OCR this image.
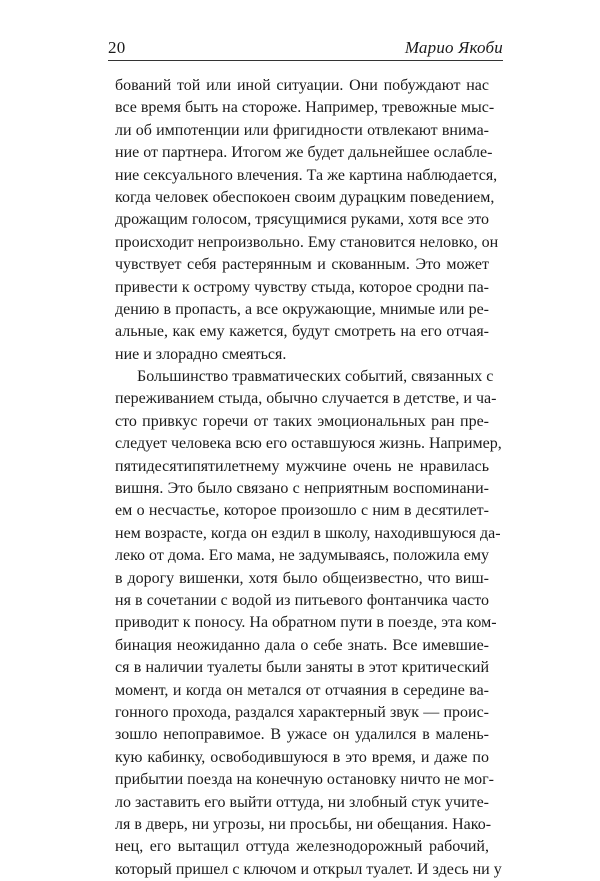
20	Марио Якоби
бований той или иной ситуации. Они побуждают нас
все время быть на стороже. Например, тревожные мыс-
ли об импотенции или фригидности отвлекают внима-
ние от партнера. Итогом же будет дальнейшее ослабле-
ние сексуального влечения. Та же картина наблюдается,
когда человек обеспокоен своим дурацким поведением,
дрожащим голосом, трясущимися руками, хотя все это
происходит непроизвольно. Ему становится неловко, он
чувствует себя растерянным и скованным. Это может
привести к острому чувству стыда, которое сродни па-
дению в пропасть, а все окружающие, мнимые или ре-
альные, как ему кажется, будут смотреть на его отчая-
ние и злорадно смеяться.
Большинство травматических событий, связанных с
переживанием стыда, обычно случается в детстве, и ча-
сто привкус горечи от таких эмоциональных ран пре-
следует человека всю его оставшуюся жизнь. Например,
пятидесятипятилетнему мужчине очень не нравилась
вишня. Это было связано с неприятным воспоминани-
ем о несчастье, которое произошло с ним в десятилет-
нем возрасте, когда он ездил в школу, находившуюся да-
леко от дома. Его мама, не задумываясь, положила ему
в дорогу вишенки, хотя было общеизвестно, что виш-
ня в сочетании с водой из питьевого фонтанчика часто
приводит к поносу. На обратном пути в поезде, эта ком-
бинация неожиданно дала о себе знать. Все имевшие-
ся в наличии туалеты были заняты в этот критический
момент, и когда он метался от отчаяния в середине ва-
гонного прохода, раздался характерный звук — проис-
зошло непоправимое. В ужасе он удалился в малень-
кую кабинку, освободившуюся в это время, и даже по
прибытии поезда на конечную остановку ничто не мог-
ло заставить его выйти оттуда, ни злобный стук учите-
ля в дверь, ни угрозы, ни просьбы, ни обещания. Нако-
нец, его вытащил оттуда железнодорожный рабочий,
который пришел с ключом и открыл туалет. И здесь ни у
